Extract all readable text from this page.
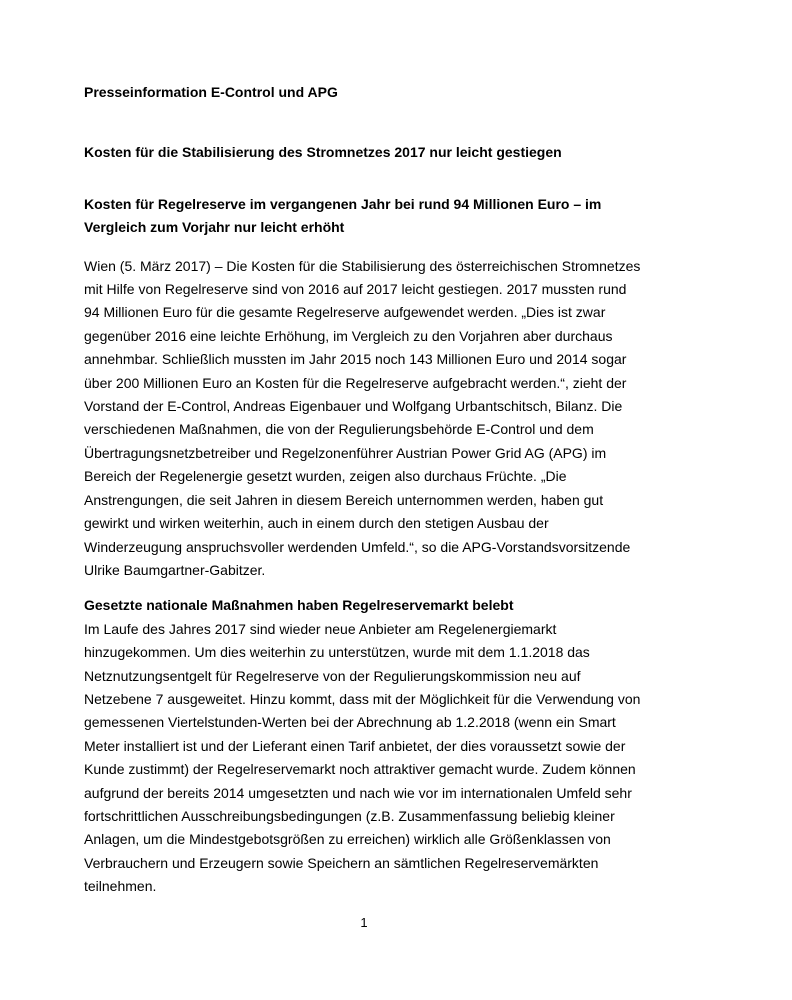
Presseinformation E-Control und APG

Kosten für die Stabilisierung des Stromnetzes 2017 nur leicht gestiegen

Kosten für Regelreserve im vergangenen Jahr bei rund 94 Millionen Euro – im Vergleich zum Vorjahr nur leicht erhöht

Wien (5. März 2017) – Die Kosten für die Stabilisierung des österreichischen Stromnetzes mit Hilfe von Regelreserve sind von 2016 auf 2017 leicht gestiegen. 2017 mussten rund 94 Millionen Euro für die gesamte Regelreserve aufgewendet werden. „Dies ist zwar gegenüber 2016 eine leichte Erhöhung, im Vergleich zu den Vorjahren aber durchaus annehmbar. Schließlich mussten im Jahr 2015 noch 143 Millionen Euro und 2014 sogar über 200 Millionen Euro an Kosten für die Regelreserve aufgebracht werden.“, zieht der Vorstand der E-Control, Andreas Eigenbauer und Wolfgang Urbantschitsch, Bilanz. Die verschiedenen Maßnahmen, die von der Regulierungsbehörde E-Control und dem Übertragungsnetzbetreiber und Regelzonenführer Austrian Power Grid AG (APG) im Bereich der Regelenergie gesetzt wurden, zeigen also durchaus Früchte. „Die Anstrengungen, die seit Jahren in diesem Bereich unternommen werden, haben gut gewirkt und wirken weiterhin, auch in einem durch den stetigen Ausbau der Winderzeugung anspruchsvoller werdenden Umfeld.“, so die APG-Vorstandsvorsitzende Ulrike Baumgartner-Gabitzer.

Gesetzte nationale Maßnahmen haben Regelreservemarkt belebt

Im Laufe des Jahres 2017 sind wieder neue Anbieter am Regelenergiemarkt hinzugekommen. Um dies weiterhin zu unterstützen, wurde mit dem 1.1.2018 das Netznutzungsentgelt für Regelreserve von der Regulierungskommission neu auf Netzebene 7 ausgeweitet. Hinzu kommt, dass mit der Möglichkeit für die Verwendung von gemessenen Viertelstunden-Werten bei der Abrechnung ab 1.2.2018 (wenn ein Smart Meter installiert ist und der Lieferant einen Tarif anbietet, der dies voraussetzt sowie der Kunde zustimmt) der Regelreservemarkt noch attraktiver gemacht wurde. Zudem können aufgrund der bereits 2014 umgesetzten und nach wie vor im internationalen Umfeld sehr fortschrittlichen Ausschreibungsbedingungen (z.B. Zusammenfassung beliebig kleiner Anlagen, um die Mindestgebotsgrößen zu erreichen) wirklich alle Größenklassen von Verbrauchern und Erzeugern sowie Speichern an sämtlichen Regelreservemärkten teilnehmen.

1
